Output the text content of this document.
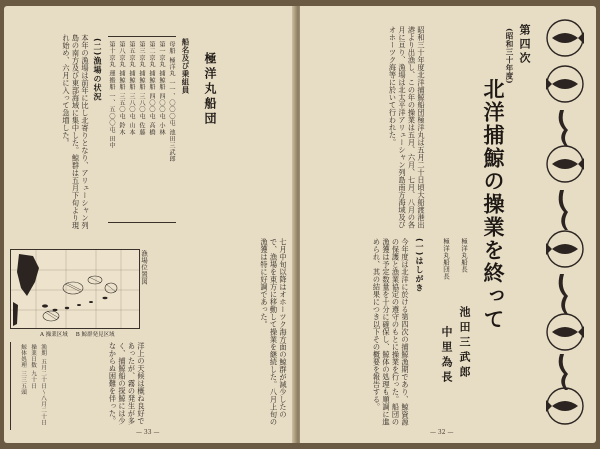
極洋丸船団
船名及び乗組員
母船 極洋丸 一一、〇〇〇屯 池田三武郎
第一京丸 捕鯨船 四〇〇屯 小林
第二京丸 捕鯨船 四〇〇屯 高橋
第三京丸 捕鯨船 三八〇屯 佐藤
第五京丸 捕鯨船 三八〇屯 山本
第八京丸 捕鯨船 三五〇屯 鈴木
第十京丸 運搬船 一、五〇〇屯 田中
(二)漁場の状況

本年の漁場は前年に比し北寄りとなり、アリューシャン列島の南方及び東部海域に集中した。鯨群は五月下旬より現れ始め、六月に入って急増した。

A 操業区域 B 鯨群発見区域
漁場位置図	七月中旬以降はオホーツク海方面の鯨群が減少したので、漁場を東方に移動して操業を継続した。八月上旬の漁獲は特に好調であった。

洋上の天候は概ね良好であったが、霧の発生が多く、捕鯨船の探鯨には少なからぬ困難を伴った。

漁期 五月二十日〜八月二十日
操業日数 九十日
鯨体処理 三三五頭
— 33 —
第四次
(昭和三十年度)
北洋捕鯨の操業を終って
極洋丸船長
池田三武郎
極洋丸船団長
中里為長

昭和三十年度北洋捕鯨船団極洋丸は五月二十日頃大船渡港出港より出漁し、この年の操業は五月、六月、七月、八月の各月に亘り、漁場は北太平洋アリューシャン列島南方海域及びオホーツク海等に於いて行われた。

(一)はしがき

今年度は北洋に於ける第四次の捕鯨漁期であり、鯨資源の保護と漁業協定の遵守のもとに操業を行った。船団の漁獲は予定数量を十分に確保し、鯨体の処理も順調に進められ、其の結果につき以下その概要を報告する。

— 32 —
